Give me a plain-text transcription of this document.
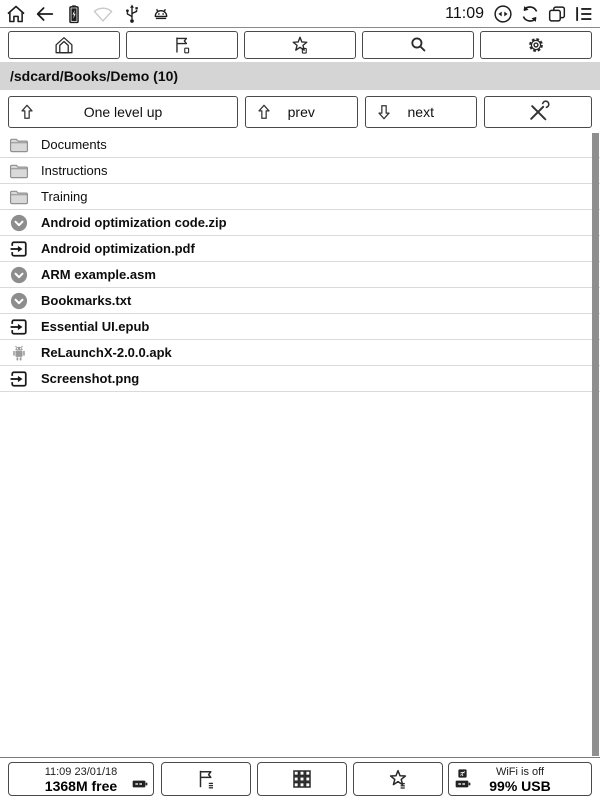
11:09
/sdcard/Books/Demo (10)
One level up	prev	next
Documents
Instructions
Training
Android optimization code.zip
Android optimization.pdf
ARM example.asm
Bookmarks.txt
Essential UI.epub
ReLaunchX-2.0.0.apk
Screenshot.png
11:09 23/01/18
1368M free
WiFi is off
99% USB
